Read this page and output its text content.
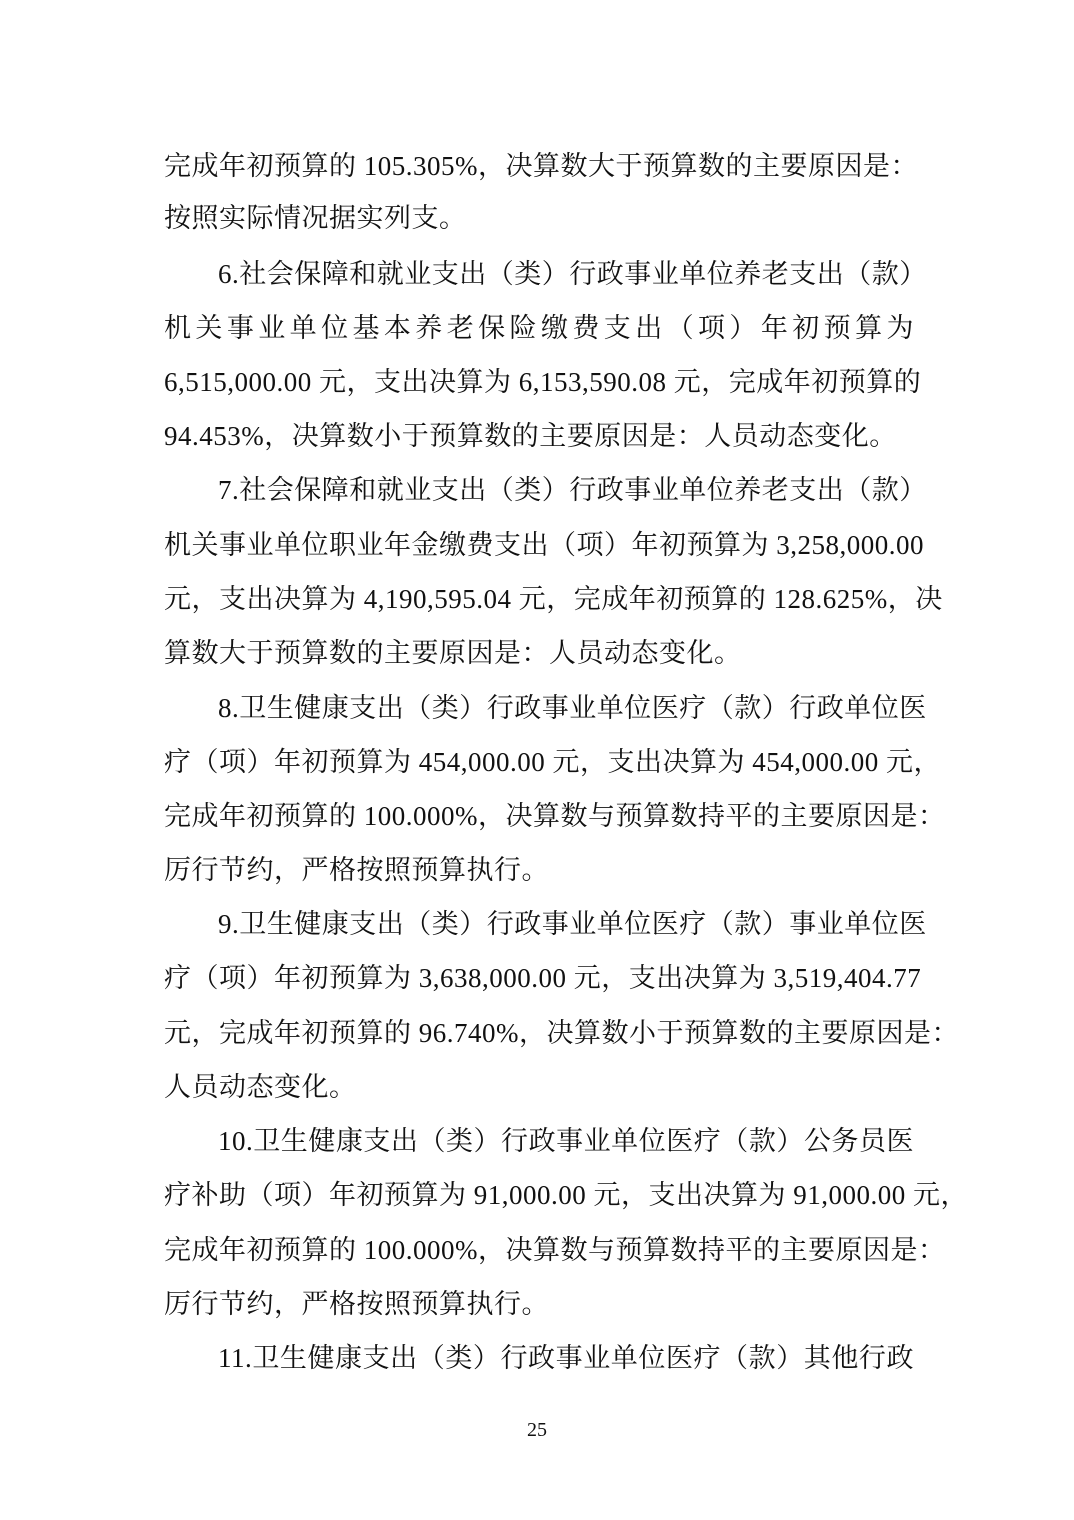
完成年初预算的 105.305%，决算数大于预算数的主要原因是：
按照实际情况据实列支。
6.社会保障和就业支出（类）行政事业单位养老支出（款）
机关事业单位基本养老保险缴费支出（项）年初预算为
6,515,000.00 元，支出决算为 6,153,590.08 元，完成年初预算的
94.453%，决算数小于预算数的主要原因是：人员动态变化。
7.社会保障和就业支出（类）行政事业单位养老支出（款）
机关事业单位职业年金缴费支出（项）年初预算为 3,258,000.00
元，支出决算为 4,190,595.04 元，完成年初预算的 128.625%，决
算数大于预算数的主要原因是：人员动态变化。
8.卫生健康支出（类）行政事业单位医疗（款）行政单位医
疗（项）年初预算为 454,000.00 元，支出决算为 454,000.00 元，
完成年初预算的 100.000%，决算数与预算数持平的主要原因是：
厉行节约，严格按照预算执行。
9.卫生健康支出（类）行政事业单位医疗（款）事业单位医
疗（项）年初预算为 3,638,000.00 元，支出决算为 3,519,404.77
元，完成年初预算的 96.740%，决算数小于预算数的主要原因是：
人员动态变化。
10.卫生健康支出（类）行政事业单位医疗（款）公务员医
疗补助（项）年初预算为 91,000.00 元，支出决算为 91,000.00 元，
完成年初预算的 100.000%，决算数与预算数持平的主要原因是：
厉行节约，严格按照预算执行。
11.卫生健康支出（类）行政事业单位医疗（款）其他行政
25
